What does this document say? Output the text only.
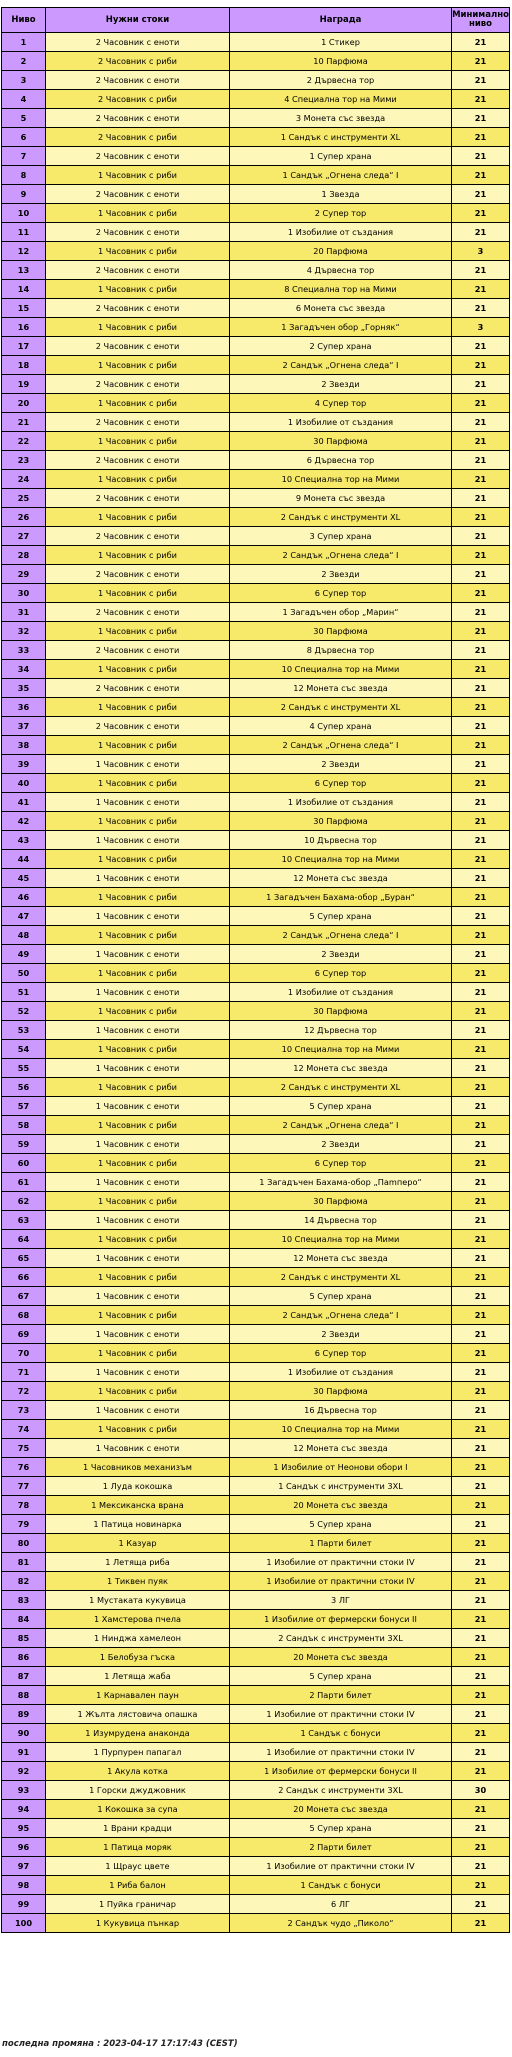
Ниво	Нужни стоки	Награда	Минимално ниво
1	2 Часовник с еноти	1 Стикер	21
2	2 Часовник с риби	10 Парфюма	21
3	2 Часовник с еноти	2 Дървесна тор	21
4	2 Часовник с риби	4 Специална тор на Мими	21
5	2 Часовник с еноти	3 Монета със звезда	21
6	2 Часовник с риби	1 Сандък с инструменти XL	21
7	2 Часовник с еноти	1 Супер храна	21
8	1 Часовник с риби	1 Сандък „Огнена следа“ I	21
9	2 Часовник с еноти	1 Звезда	21
10	1 Часовник с риби	2 Супер тор	21
11	2 Часовник с еноти	1 Изобилие от създания	21
12	1 Часовник с риби	20 Парфюма	3
13	2 Часовник с еноти	4 Дървесна тор	21
14	1 Часовник с риби	8 Специална тор на Мими	21
15	2 Часовник с еноти	6 Монета със звезда	21
16	1 Часовник с риби	1 Загадъчен обор „Горняк“	3
17	2 Часовник с еноти	2 Супер храна	21
18	1 Часовник с риби	2 Сандък „Огнена следа“ I	21
19	2 Часовник с еноти	2 Звезди	21
20	1 Часовник с риби	4 Супер тор	21
21	2 Часовник с еноти	1 Изобилие от създания	21
22	1 Часовник с риби	30 Парфюма	21
23	2 Часовник с еноти	6 Дървесна тор	21
24	1 Часовник с риби	10 Специална тор на Мими	21
25	2 Часовник с еноти	9 Монета със звезда	21
26	1 Часовник с риби	2 Сандък с инструменти XL	21
27	2 Часовник с еноти	3 Супер храна	21
28	1 Часовник с риби	2 Сандък „Огнена следа“ I	21
29	2 Часовник с еноти	2 Звезди	21
30	1 Часовник с риби	6 Супер тор	21
31	2 Часовник с еноти	1 Загадъчен обор „Марин“	21
32	1 Часовник с риби	30 Парфюма	21
33	2 Часовник с еноти	8 Дървесна тор	21
34	1 Часовник с риби	10 Специална тор на Мими	21
35	2 Часовник с еноти	12 Монета със звезда	21
36	1 Часовник с риби	2 Сандък с инструменти XL	21
37	2 Часовник с еноти	4 Супер храна	21
38	1 Часовник с риби	2 Сандък „Огнена следа“ I	21
39	1 Часовник с еноти	2 Звезди	21
40	1 Часовник с риби	6 Супер тор	21
41	1 Часовник с еноти	1 Изобилие от създания	21
42	1 Часовник с риби	30 Парфюма	21
43	1 Часовник с еноти	10 Дървесна тор	21
44	1 Часовник с риби	10 Специална тор на Мими	21
45	1 Часовник с еноти	12 Монета със звезда	21
46	1 Часовник с риби	1 Загадъчен Бахама-обор „Буран“	21
47	1 Часовник с еноти	5 Супер храна	21
48	1 Часовник с риби	2 Сандък „Огнена следа“ I	21
49	1 Часовник с еноти	2 Звезди	21
50	1 Часовник с риби	6 Супер тор	21
51	1 Часовник с еноти	1 Изобилие от създания	21
52	1 Часовник с риби	30 Парфюма	21
53	1 Часовник с еноти	12 Дървесна тор	21
54	1 Часовник с риби	10 Специална тор на Мими	21
55	1 Часовник с еноти	12 Монета със звезда	21
56	1 Часовник с риби	2 Сандък с инструменти XL	21
57	1 Часовник с еноти	5 Супер храна	21
58	1 Часовник с риби	2 Сандък „Огнена следа“ I	21
59	1 Часовник с еноти	2 Звезди	21
60	1 Часовник с риби	6 Супер тор	21
61	1 Часовник с еноти	1 Загадъчен Бахама-обор „Пamперо“	21
62	1 Часовник с риби	30 Парфюма	21
63	1 Часовник с еноти	14 Дървесна тор	21
64	1 Часовник с риби	10 Специална тор на Мими	21
65	1 Часовник с еноти	12 Монета със звезда	21
66	1 Часовник с риби	2 Сандък с инструменти XL	21
67	1 Часовник с еноти	5 Супер храна	21
68	1 Часовник с риби	2 Сандък „Огнена следа“ I	21
69	1 Часовник с еноти	2 Звезди	21
70	1 Часовник с риби	6 Супер тор	21
71	1 Часовник с еноти	1 Изобилие от създания	21
72	1 Часовник с риби	30 Парфюма	21
73	1 Часовник с еноти	16 Дървесна тор	21
74	1 Часовник с риби	10 Специална тор на Мими	21
75	1 Часовник с еноти	12 Монета със звезда	21
76	1 Часовников механизъм	1 Изобилие от Неонови обори I	21
77	1 Луда кокошка	1 Сандък с инструменти 3XL	21
78	1 Мексиканска врана	20 Монета със звезда	21
79	1 Патица новинарка	5 Супер храна	21
80	1 Казуар	1 Парти билет	21
81	1 Летяща риба	1 Изобилие от практични стоки IV	21
82	1 Тиквен пуяк	1 Изобилие от практични стоки IV	21
83	1 Мустаката кукувица	3 ЛГ	21
84	1 Хамстерова пчела	1 Изобилие от фермерски бонуси II	21
85	1 Нинджа хамелеон	2 Сандък с инструменти 3XL	21
86	1 Белобуза гъска	20 Монета със звезда	21
87	1 Летяща жаба	5 Супер храна	21
88	1 Карнавален паун	2 Парти билет	21
89	1 Жълта лястовича опашка	1 Изобилие от практични стоки IV	21
90	1 Изумрудена анаконда	1 Сандък с бонуси	21
91	1 Пурпурен папагал	1 Изобилие от практични стоки IV	21
92	1 Акула котка	1 Изобилие от фермерски бонуси II	21
93	1 Горски джуджовник	2 Сандък с инструменти 3XL	30
94	1 Кокошка за супа	20 Монета със звезда	21
95	1 Врани крадци	5 Супер храна	21
96	1 Патица моряк	2 Парти билет	21
97	1 Щраус цвете	1 Изобилие от практични стоки IV	21
98	1 Риба балон	1 Сандък с бонуси	21
99	1 Пуйка граничар	6 ЛГ	21
100	1 Кукувица пънкар	2 Сандък чудо „Пиколо“	21
последна промяна : 2023-04-17 17:17:43 (CEST)
